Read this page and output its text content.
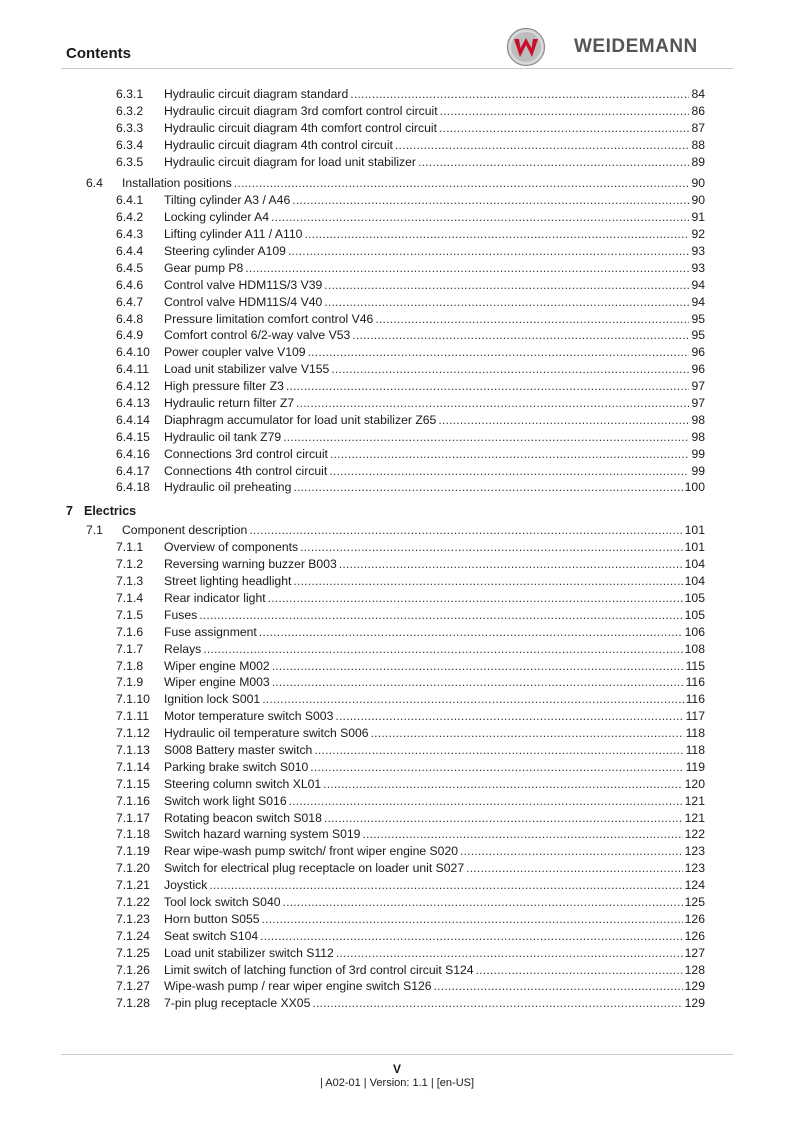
Contents	WEIDEMANN
6.3.1 Hydraulic circuit diagram standard .....	84
6.3.2 Hydraulic circuit diagram 3rd comfort control circuit .....	86
6.3.3 Hydraulic circuit diagram 4th comfort control circuit .....	87
6.3.4 Hydraulic circuit diagram 4th control circuit .....	88
6.3.5 Hydraulic circuit diagram for load unit stabilizer .....	89
6.4 Installation positions .....	90
6.4.1 Tilting cylinder A3 / A46 .....	90
6.4.2 Locking cylinder A4 .....	91
6.4.3 Lifting cylinder A11 / A110 .....	92
6.4.4 Steering cylinder A109 .....	93
6.4.5 Gear pump P8 .....	93
6.4.6 Control valve HDM11S/3 V39 .....	94
6.4.7 Control valve HDM11S/4 V40 .....	94
6.4.8 Pressure limitation comfort control V46 .....	95
6.4.9 Comfort control 6/2-way valve V53 .....	95
6.4.10 Power coupler valve V109 .....	96
6.4.11 Load unit stabilizer valve V155 .....	96
6.4.12 High pressure filter Z3 .....	97
6.4.13 Hydraulic return filter Z7 .....	97
6.4.14 Diaphragm accumulator for load unit stabilizer Z65 .....	98
6.4.15 Hydraulic oil tank Z79 .....	98
6.4.16 Connections 3rd control circuit .....	99
6.4.17 Connections 4th control circuit .....	99
6.4.18 Hydraulic oil preheating .....	100
7 Electrics
7.1 Component description .....	101
7.1.1 Overview of components .....	101
7.1.2 Reversing warning buzzer B003 .....	104
7.1.3 Street lighting headlight .....	104
7.1.4 Rear indicator light .....	105
7.1.5 Fuses .....	105
7.1.6 Fuse assignment .....	106
7.1.7 Relays .....	108
7.1.8 Wiper engine M002 .....	115
7.1.9 Wiper engine M003 .....	116
7.1.10 Ignition lock S001 .....	116
7.1.11 Motor temperature switch S003 .....	117
7.1.12 Hydraulic oil temperature switch S006 .....	118
7.1.13 S008 Battery master switch .....	118
7.1.14 Parking brake switch S010 .....	119
7.1.15 Steering column switch XL01 .....	120
7.1.16 Switch work light S016 .....	121
7.1.17 Rotating beacon switch S018 .....	121
7.1.18 Switch hazard warning system S019 .....	122
7.1.19 Rear wipe-wash pump switch/ front wiper engine S020 .....	123
7.1.20 Switch for electrical plug receptacle on loader unit S027 .....	123
7.1.21 Joystick .....	124
7.1.22 Tool lock switch S040 .....	125
7.1.23 Horn button S055 .....	126
7.1.24 Seat switch S104 .....	126
7.1.25 Load unit stabilizer switch S112 .....	127
7.1.26 Limit switch of latching function of 3rd control circuit S124 .....	128
7.1.27 Wipe-wash pump / rear wiper engine switch S126 .....	129
7.1.28 7-pin plug receptacle XX05 .....	129
V
| A02-01 | Version: 1.1 | [en-US]
